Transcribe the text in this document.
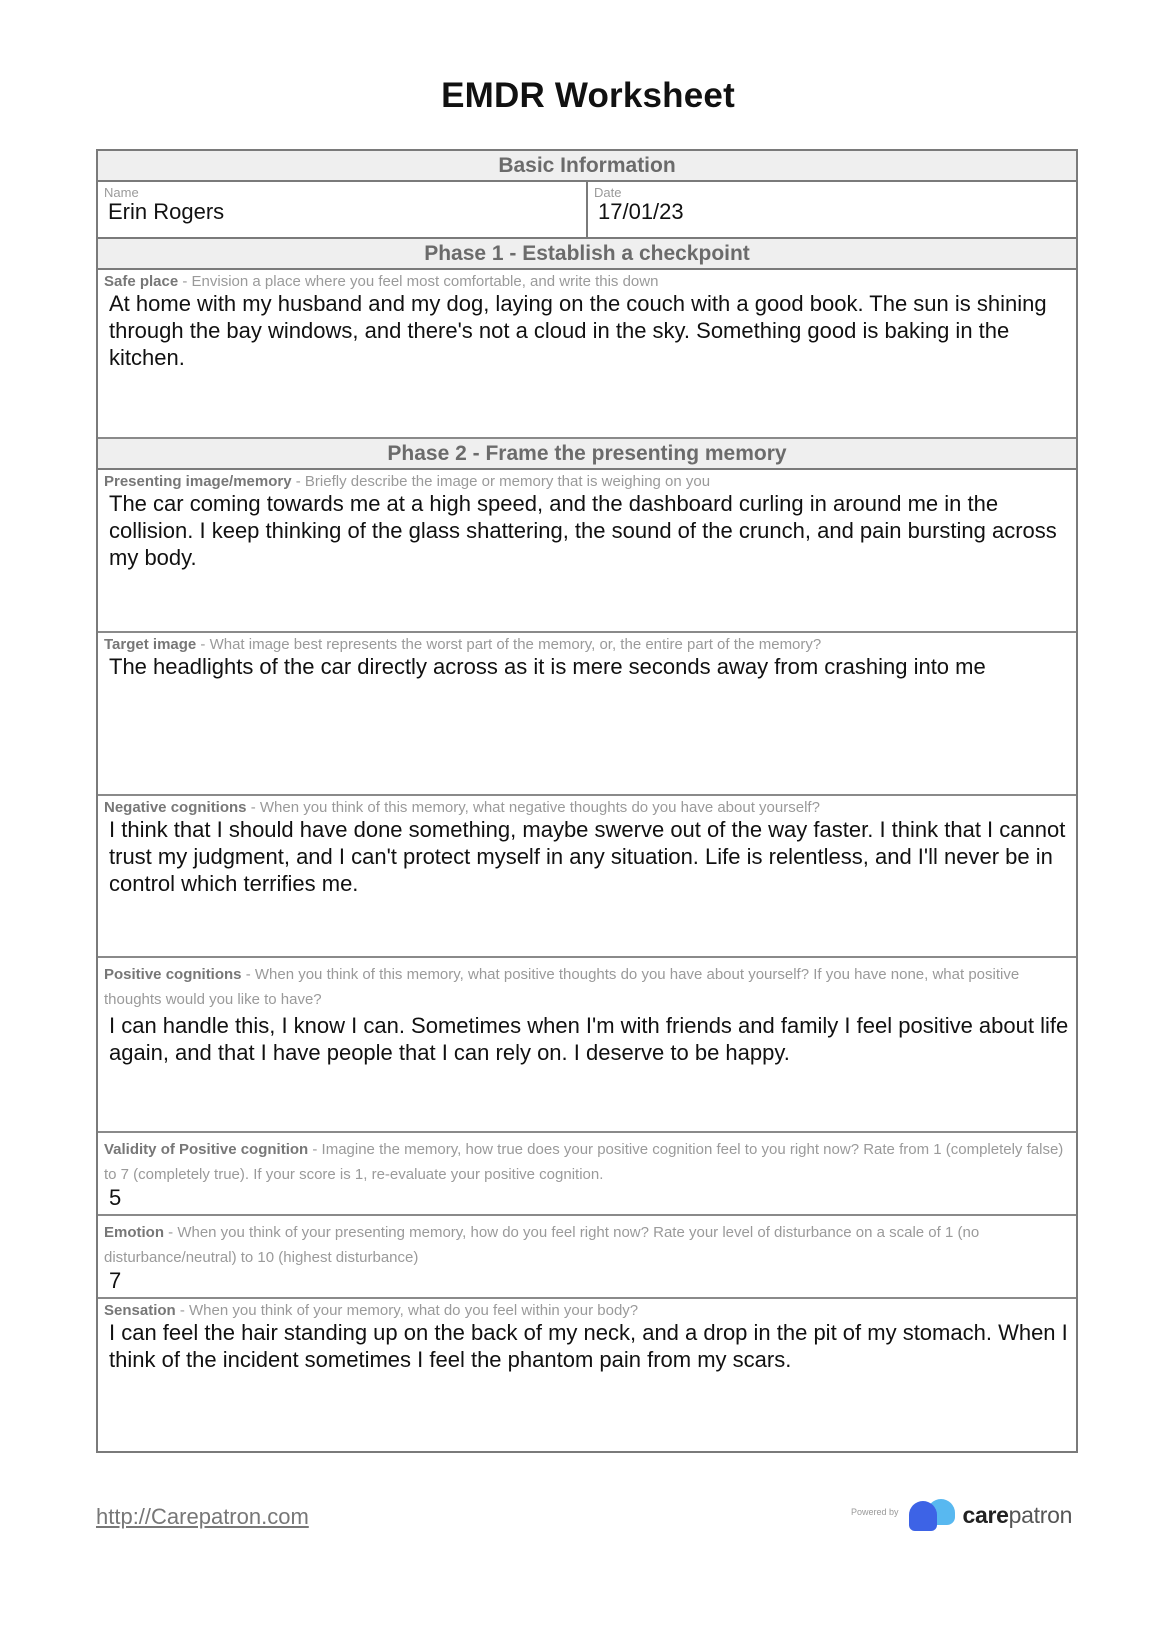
EMDR Worksheet
Basic Information
Name
Erin Rogers
Date
17/01/23
Phase 1 - Establish a checkpoint
Safe place - Envision a place where you feel most comfortable, and write this down
At home with my husband and my dog, laying on the couch with a good book. The sun is shining through the bay windows, and there's not a cloud in the sky. Something good is baking in the kitchen.
Phase 2 - Frame the presenting memory
Presenting image/memory - Briefly describe the image or memory that is weighing on you
The car coming towards me at a high speed, and the dashboard curling in around me in the collision. I keep thinking of the glass shattering, the sound of the crunch, and pain bursting across my body.
Target image - What image best represents the worst part of the memory, or, the entire part of the memory?
The headlights of the car directly across as it is mere seconds away from crashing into me
Negative cognitions - When you think of this memory, what negative thoughts do you have about yourself?
I think that I should have done something, maybe swerve out of the way faster. I think that I cannot trust my judgment, and I can't protect myself in any situation. Life is relentless, and I'll never be in control which terrifies me.
Positive cognitions - When you think of this memory, what positive thoughts do you have about yourself? If you have none, what positive thoughts would you like to have?
I can handle this, I know I can. Sometimes when I'm with friends and family I feel positive about life again, and that I have people that I can rely on. I deserve to be happy.
Validity of Positive cognition - Imagine the memory, how true does your positive cognition feel to you right now? Rate from 1 (completely false) to 7 (completely true). If your score is 1, re-evaluate your positive cognition.
5
Emotion - When you think of your presenting memory, how do you feel right now? Rate your level of disturbance on a scale of 1 (no disturbance/neutral) to 10 (highest disturbance)
7
Sensation - When you think of your memory, what do you feel within your body?
I can feel the hair standing up on the back of my neck, and a drop in the pit of my stomach. When I think of the incident sometimes I feel the phantom pain from my scars.
http://Carepatron.com	Powered by	carepatron
